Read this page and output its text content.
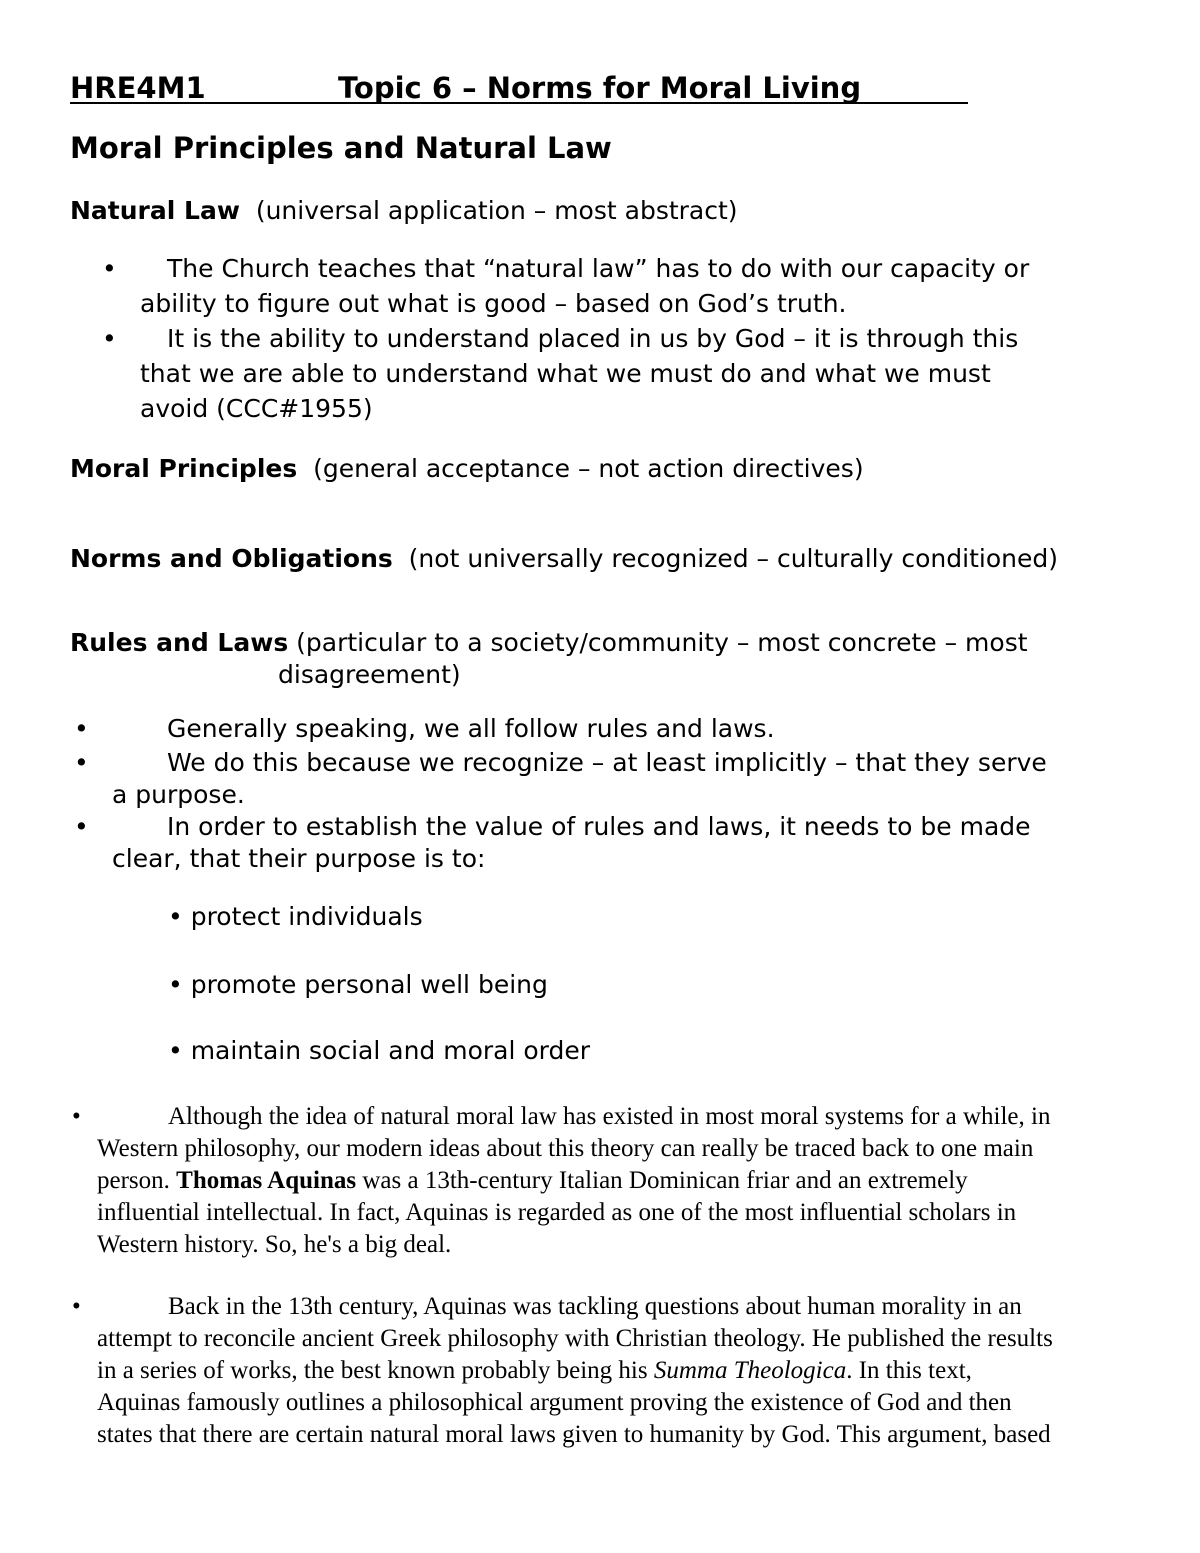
HRE4M1	Topic 6 – Norms for Moral Living
Moral Principles and Natural Law
Natural Law (universal application – most abstract)
• The Church teaches that “natural law” has to do with our capacity or
ability to figure out what is good – based on God’s truth.
• It is the ability to understand placed in us by God – it is through this
that we are able to understand what we must do and what we must
avoid (CCC#1955)
Moral Principles (general acceptance – not action directives)
Norms and Obligations (not universally recognized – culturally conditioned)
Rules and Laws (particular to a society/community – most concrete – most
disagreement)
•	Generally speaking, we all follow rules and laws.
•	We do this because we recognize – at least implicitly – that they serve
a purpose.
•	In order to establish the value of rules and laws, it needs to be made
clear, that their purpose is to:
• protect individuals
• promote personal well being
• maintain social and moral order
•	Although the idea of natural moral law has existed in most moral systems for a while, in
Western philosophy, our modern ideas about this theory can really be traced back to one main
person. Thomas Aquinas was a 13th-century Italian Dominican friar and an extremely
influential intellectual. In fact, Aquinas is regarded as one of the most influential scholars in
Western history. So, he's a big deal.
•	Back in the 13th century, Aquinas was tackling questions about human morality in an
attempt to reconcile ancient Greek philosophy with Christian theology. He published the results
in a series of works, the best known probably being his Summa Theologica. In this text,
Aquinas famously outlines a philosophical argument proving the existence of God and then
states that there are certain natural moral laws given to humanity by God. This argument, based
